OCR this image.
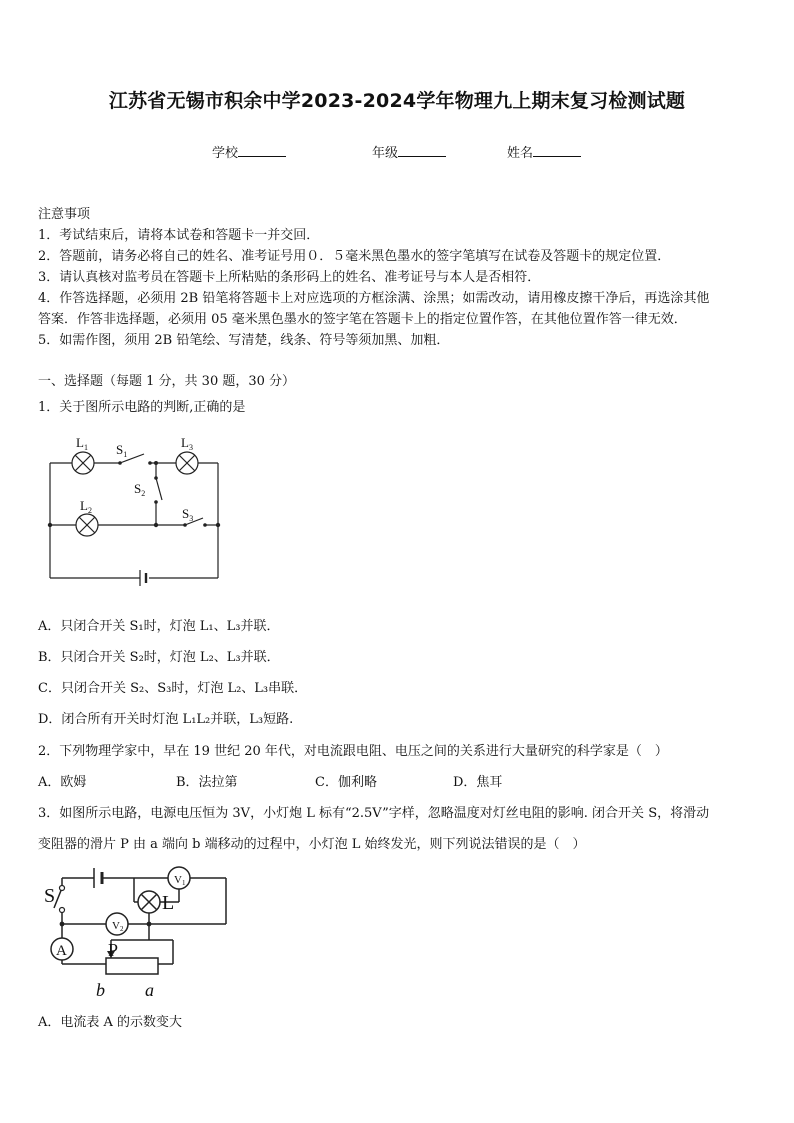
江苏省无锡市积余中学2023-2024学年物理九上期末复习检测试题
学校	年级	姓名
注意事项
1．考试结束后，请将本试卷和答题卡一并交回．
2．答题前，请务必将自己的姓名、准考证号用０．５毫米黑色墨水的签字笔填写在试卷及答题卡的规定位置．
3．请认真核对监考员在答题卡上所粘贴的条形码上的姓名、准考证号与本人是否相符．
4．作答选择题，必须用 2B 铅笔将答题卡上对应选项的方框涂满、涂黑；如需改动，请用橡皮擦干净后，再选涂其他
答案．作答非选择题，必须用 05 毫米黑色墨水的签字笔在答题卡上的指定位置作答，在其他位置作答一律无效．
5．如需作图，须用 2B 铅笔绘、写清楚，线条、符号等须加黑、加粗．
一、选择题（每题 1 分，共 30 题，30 分）
1．关于图所示电路的判断,正确的是
$L_1$ $S_1$
$L_3$
$S_2$
$L_2$	$S_3$
A．只闭合开关 S₁时，灯泡 L₁、L₃并联．
B．只闭合开关 S₂时，灯泡 L₂、L₃并联．
C．只闭合开关 S₂、S₃时，灯泡 L₂、L₃串联．
D．闭合所有开关时灯泡 L₁L₂并联，L₃短路.
2．下列物理学家中，早在 19 世纪 20 年代，对电流跟电阻、电压之间的关系进行大量研究的科学家是（　）
A．欧姆	B．法拉第	C．伽利略	D．焦耳
3．如图所示电路，电源电压恒为 3V，小灯炮 L 标有“2.5V”字样，忽略温度对灯丝电阻的影响. 闭合开关 S，将滑动
变阻器的滑片 P 由 a 端向 b 端移动的过程中，小灯泡 L 始终发光，则下列说法错误的是（　）
S
V1
L
V2
A P
b a
A．电流表 A 的示数变大
